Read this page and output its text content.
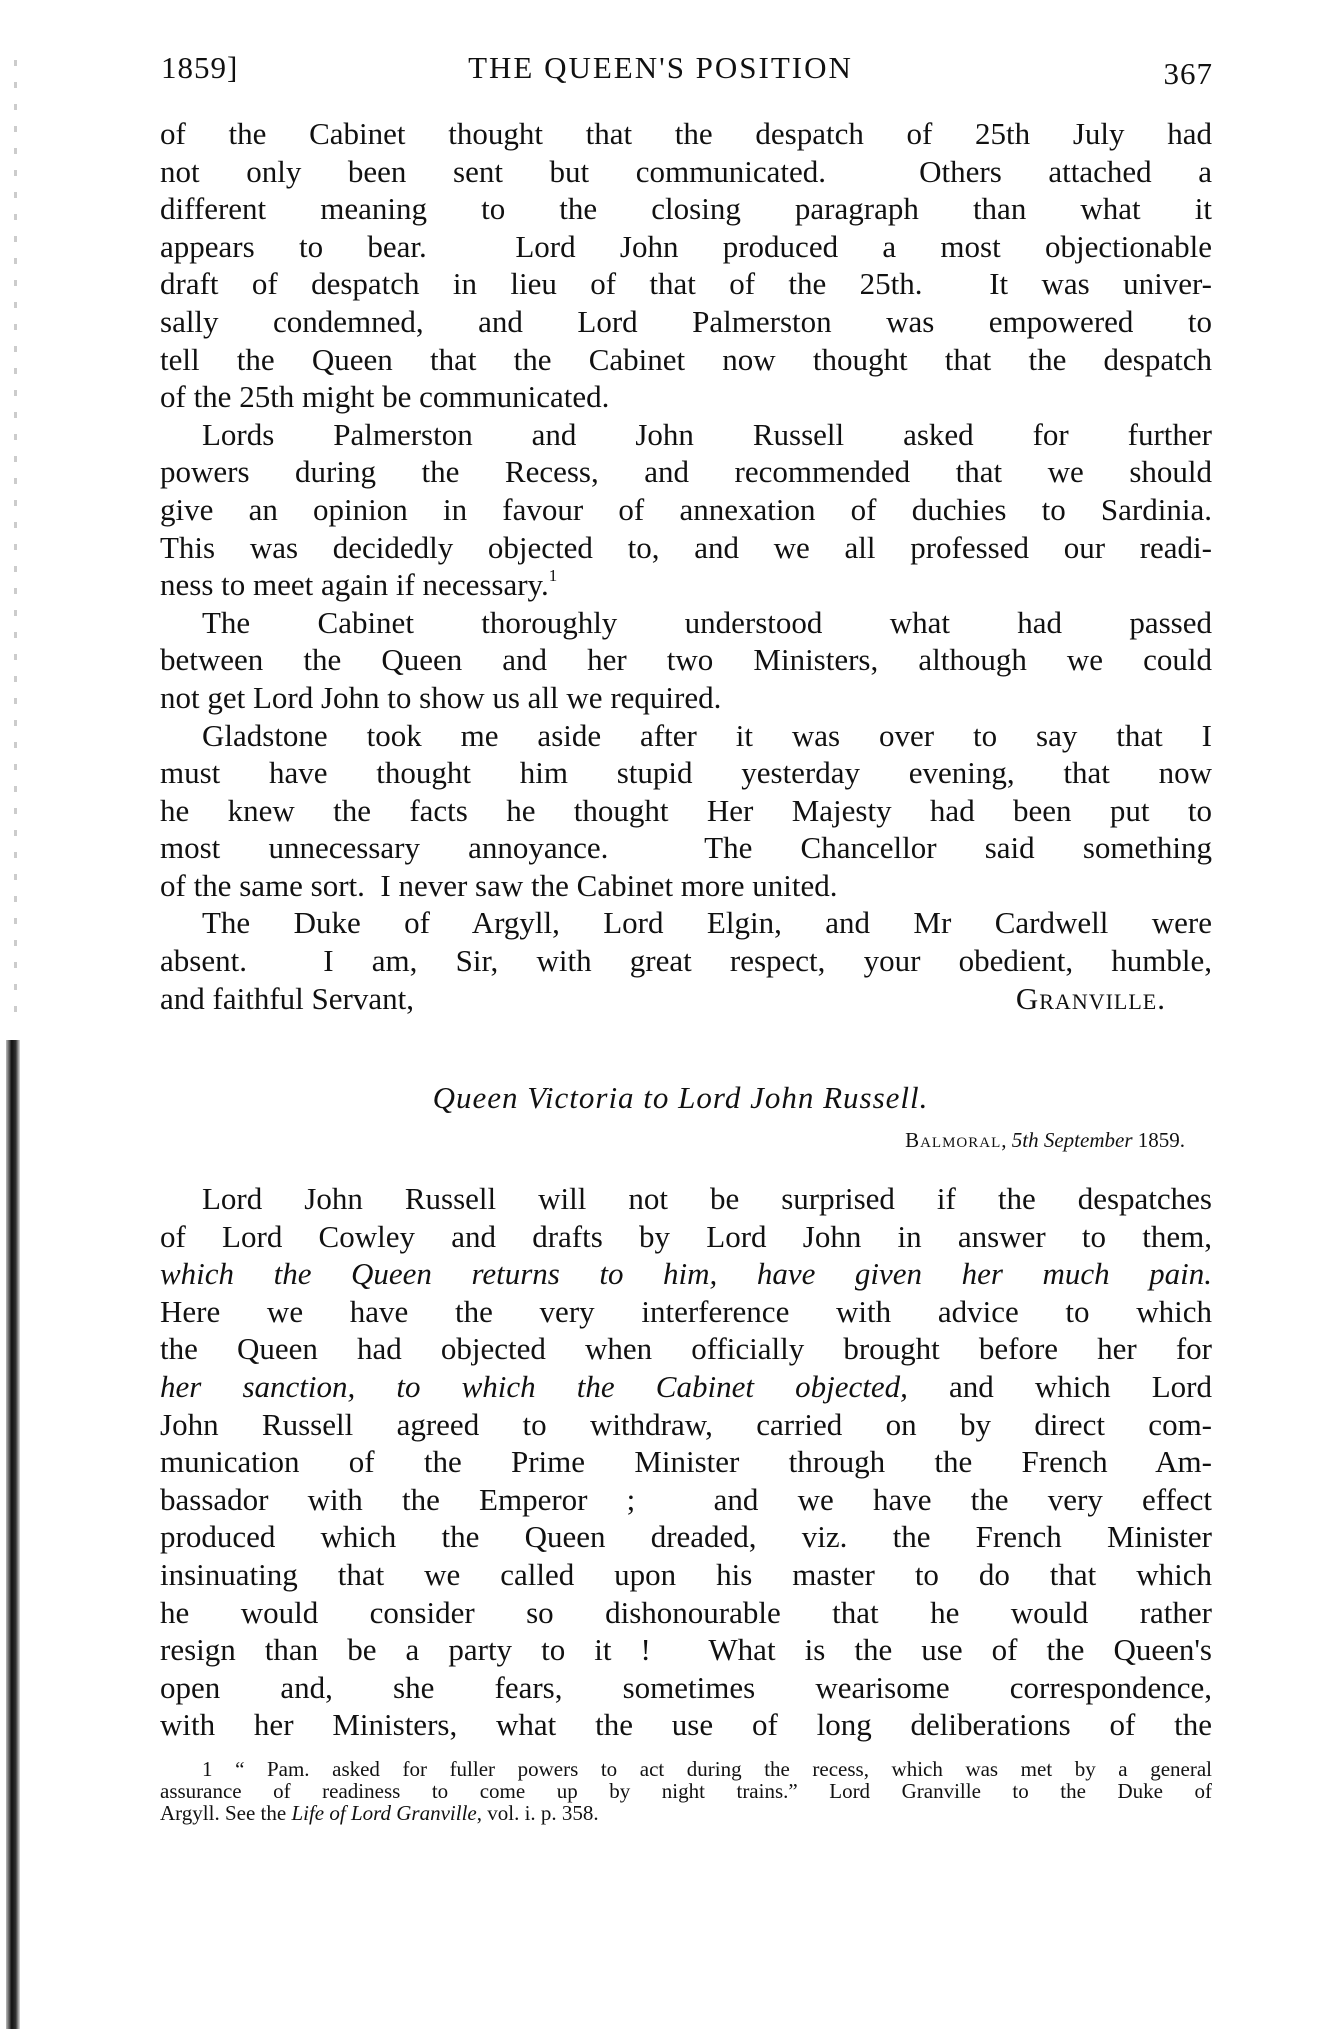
1859]	THE QUEEN'S POSITION	367
of the Cabinet thought that the despatch of 25th July had
not only been sent but communicated.  Others attached a
different meaning to the closing paragraph than what it
appears to bear.  Lord John produced a most objectionable
draft of despatch in lieu of that of the 25th.  It was univer-
sally condemned, and Lord Palmerston was empowered to
tell the Queen that the Cabinet now thought that the despatch
of the 25th might be communicated.
Lords Palmerston and John Russell asked for further
powers during the Recess, and recommended that we should
give an opinion in favour of annexation of duchies to Sardinia.
This was decidedly objected to, and we all professed our readi-
ness to meet again if necessary.$^1$
The Cabinet thoroughly understood what had passed
between the Queen and her two Ministers, although we could
not get Lord John to show us all we required.
Gladstone took me aside after it was over to say that I
must have thought him stupid yesterday evening, that now
he knew the facts he thought Her Majesty had been put to
most unnecessary annoyance.  The Chancellor said something
of the same sort.  I never saw the Cabinet more united.
The Duke of Argyll, Lord Elgin, and Mr Cardwell were
absent.  I am, Sir, with great respect, your obedient, humble,
and faithful Servant,	Granville.
Queen Victoria to Lord John Russell.
Balmoral, 5th September 1859.
Lord John Russell will not be surprised if the despatches
of Lord Cowley and drafts by Lord John in answer to them,
which the Queen returns to him, have given her much pain.
Here we have the very interference with advice to which
the Queen had objected when officially brought before her for
her sanction, to which the Cabinet objected, and which Lord
John Russell agreed to withdraw, carried on by direct com-
munication of the Prime Minister through the French Am-
bassador with the Emperor ;  and we have the very effect
produced which the Queen dreaded, viz. the French Minister
insinuating that we called upon his master to do that which
he would consider so dishonourable that he would rather
resign than be a party to it !  What is the use of the Queen's
open and, she fears, sometimes wearisome correspondence,
with her Ministers, what the use of long deliberations of the
1 “ Pam. asked for fuller powers to act during the recess, which was met by a general
assurance of readiness to come up by night trains.” Lord Granville to the Duke of
Argyll. See the Life of Lord Granville, vol. i. p. 358.
